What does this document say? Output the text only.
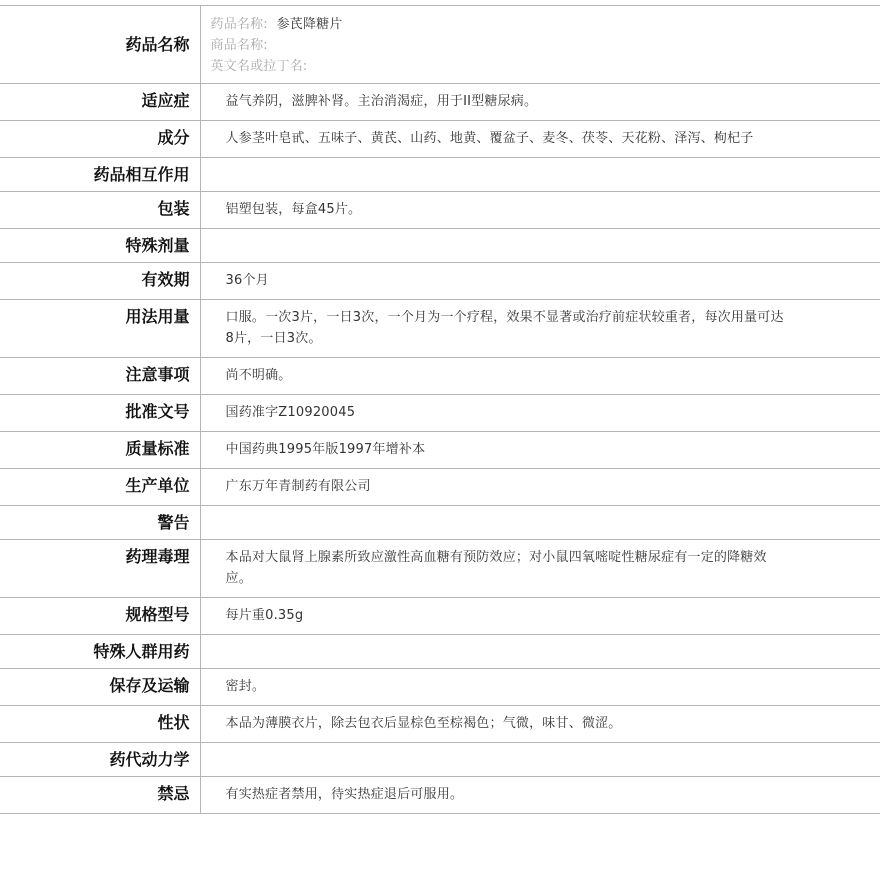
药品名称	药品名称: 参芪降糖片
商品名称:
英文名或拉丁名:

适应症	益气养阴，滋脾补肾。主治消渴症，用于II型糖尿病。
成分	人参茎叶皂甙、五味子、黄芪、山药、地黄、覆盆子、麦冬、茯苓、天花粉、泽泻、枸杞子
药品相互作用	
包装	铝塑包装，每盒45片。
特殊剂量	
有效期	36个月
用法用量	口服。一次3片，一日3次，一个月为一个疗程，效果不显著或治疗前症状较重者，每次用量可达8片，一日3次。
注意事项	尚不明确。
批准文号	国药准字Z10920045
质量标准	中国药典1995年版1997年增补本
生产单位	广东万年青制药有限公司
警告	
药理毒理	本品对大鼠肾上腺素所致应激性高血糖有预防效应；对小鼠四氧嘧啶性糖尿症有一定的降糖效应。
规格型号	每片重0.35g
特殊人群用药	
保存及运输	密封。
性状	本品为薄膜衣片，除去包衣后显棕色至棕褐色；气微，味甘、微涩。
药代动力学	
禁忌	有实热症者禁用，待实热症退后可服用。
